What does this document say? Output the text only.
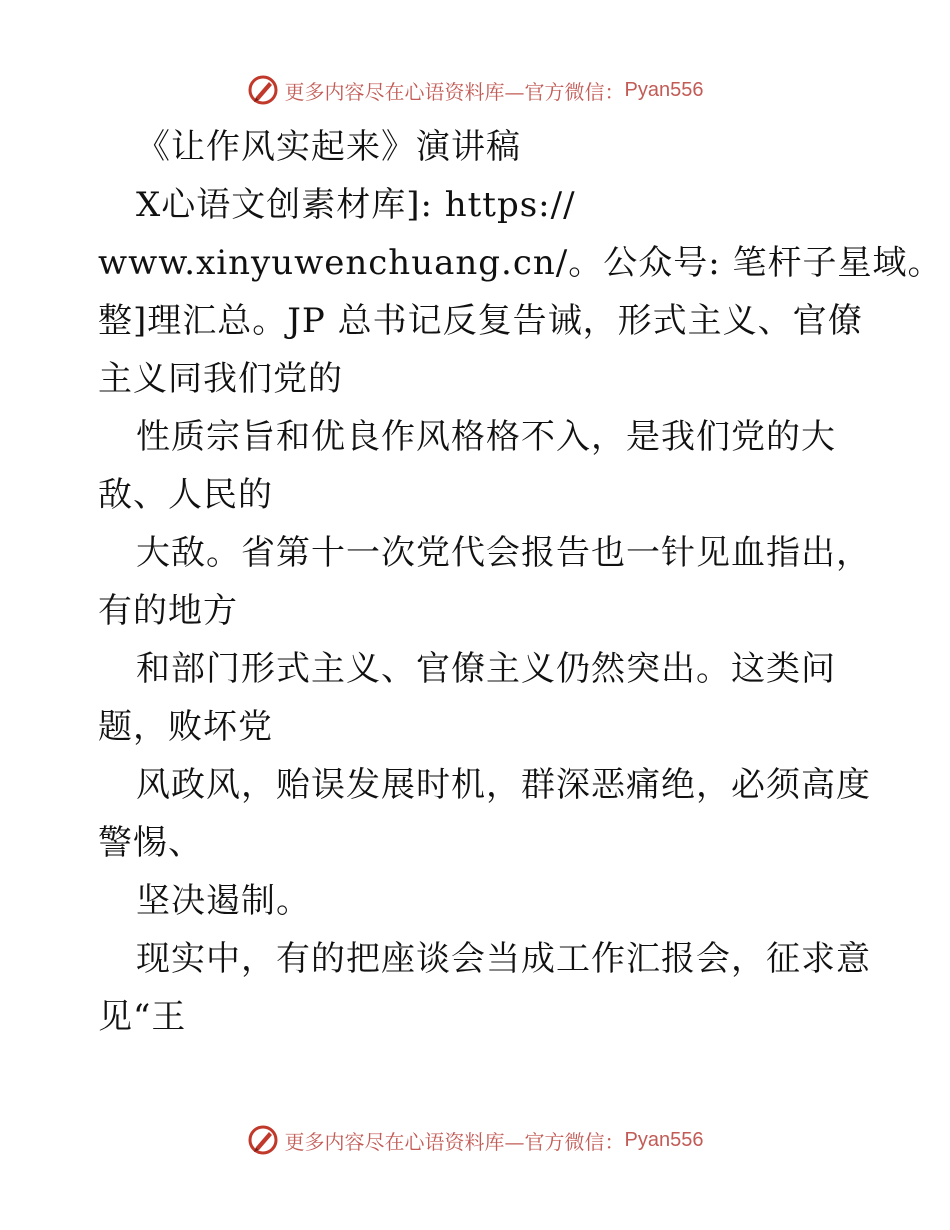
更多内容尽在心语资料库—官方微信： Pyan556
《让作风实起来》演讲稿
X心语文创素材库]: https://
www.xinyuwenchuang.cn/。公众号: 笔杆子星域。
整]理汇总。JP 总书记反复告诫，形式主义、官僚
主义同我们党的
性质宗旨和优良作风格格不入，是我们党的大
敌、人民的
大敌。省第十一次党代会报告也一针见血指出，
有的地方
和部门形式主义、官僚主义仍然突出。这类问
题，败坏党
风政风，贻误发展时机，群深恶痛绝，必须高度
警惕、
坚决遏制。
现实中，有的把座谈会当成工作汇报会，征求意
见“王
更多内容尽在心语资料库—官方微信： Pyan556
